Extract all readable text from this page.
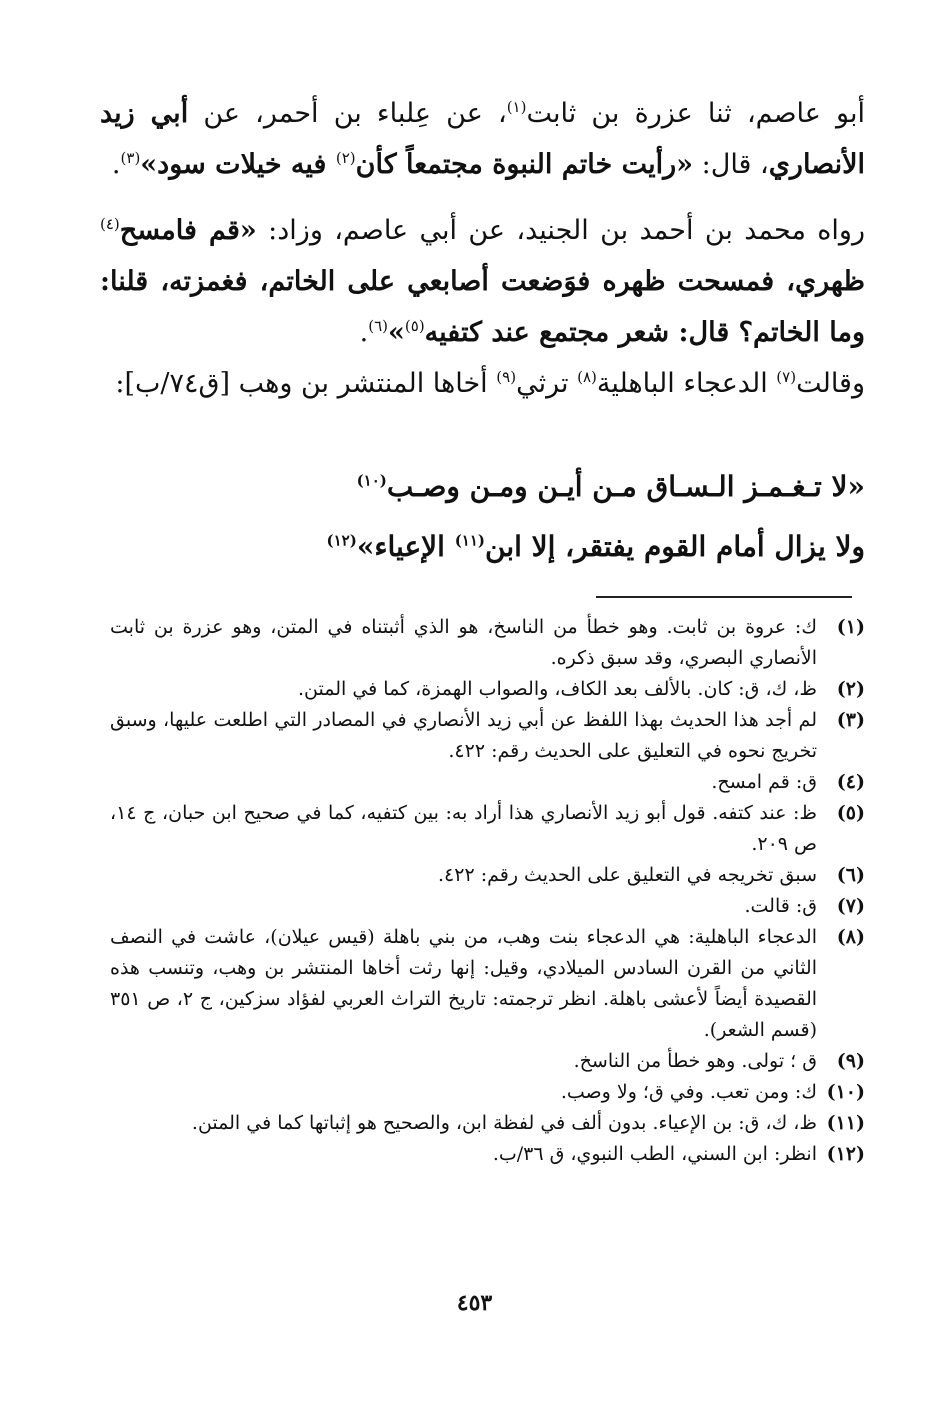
أبو عاصم، ثنا عزرة بن ثابت$^{(١)}$، عن عِلباء بن أحمر، عن أبي زيد الأنصاري، قال: «رأيت خاتم النبوة مجتمعاً كأن$^{(٢)}$ فيه خيلات سود»$^{(٣)}$.

رواه محمد بن أحمد بن الجنيد، عن أبي عاصم، وزاد: «قم فامسح$^{(٤)}$ ظهري، فمسحت ظهره فوَضعت أصابعي على الخاتم، فغمزته، قلنا: وما الخاتم؟ قال: شعر مجتمع عند كتفيه$^{(٥)}$»$^{(٦)}$.

وقالت$^{(٧)}$ الدعجاء الباهلية$^{(٨)}$ ترثي$^{(٩)}$ أخاها المنتشر بن وهب [ق٧٤/ب]:

«لا تـغـمـز الـسـاق مـن أيـن ومـن وصـب$^{(١٠)}$
ولا يزال أمام القوم يفتقر، إلا ابن$^{(١١)}$ الإعياء»$^{(١٢)}$
(١)
ك: عروة بن ثابت. وهو خطأ من الناسخ، هو الذي أثبتناه في المتن، وهو عزرة بن ثابت الأنصاري البصري، وقد سبق ذكره.
(٢)
ظ، ك، ق: كان. بالألف بعد الكاف، والصواب الهمزة، كما في المتن.
(٣)
لم أجد هذا الحديث بهذا اللفظ عن أبي زيد الأنصاري في المصادر التي اطلعت عليها، وسبق تخريج نحوه في التعليق على الحديث رقم: ٤٢٢.
(٤)
ق: قم امسح.
(٥)
ظ: عند كتفه. قول أبو زيد الأنصاري هذا أراد به: بين كتفيه، كما في صحيح ابن حبان، ج ١٤، ص ٢٠٩.
(٦)
سبق تخريجه في التعليق على الحديث رقم: ٤٢٢.
(٧)
ق: قالت.
(٨)
الدعجاء الباهلية: هي الدعجاء بنت وهب، من بني باهلة (قيس عيلان)، عاشت في النصف الثاني من القرن السادس الميلادي، وقيل: إنها رثت أخاها المنتشر بن وهب، وتنسب هذه القصيدة أيضاً لأعشى باهلة. انظر ترجمته: تاريخ التراث العربي لفؤاد سزكين، ج ٢، ص ٣٥١ (قسم الشعر).
(٩)
ق ؛ تولى. وهو خطأ من الناسخ.
(١٠)
ك: ومن تعب. وفي ق؛ ولا وصب.
(١١)
ظ، ك، ق: بن الإعياء. بدون ألف في لفظة ابن، والصحيح هو إثباتها كما في المتن.
(١٢)
انظر: ابن السني، الطب النبوي، ق ٣٦/ب.
٤٥٣
